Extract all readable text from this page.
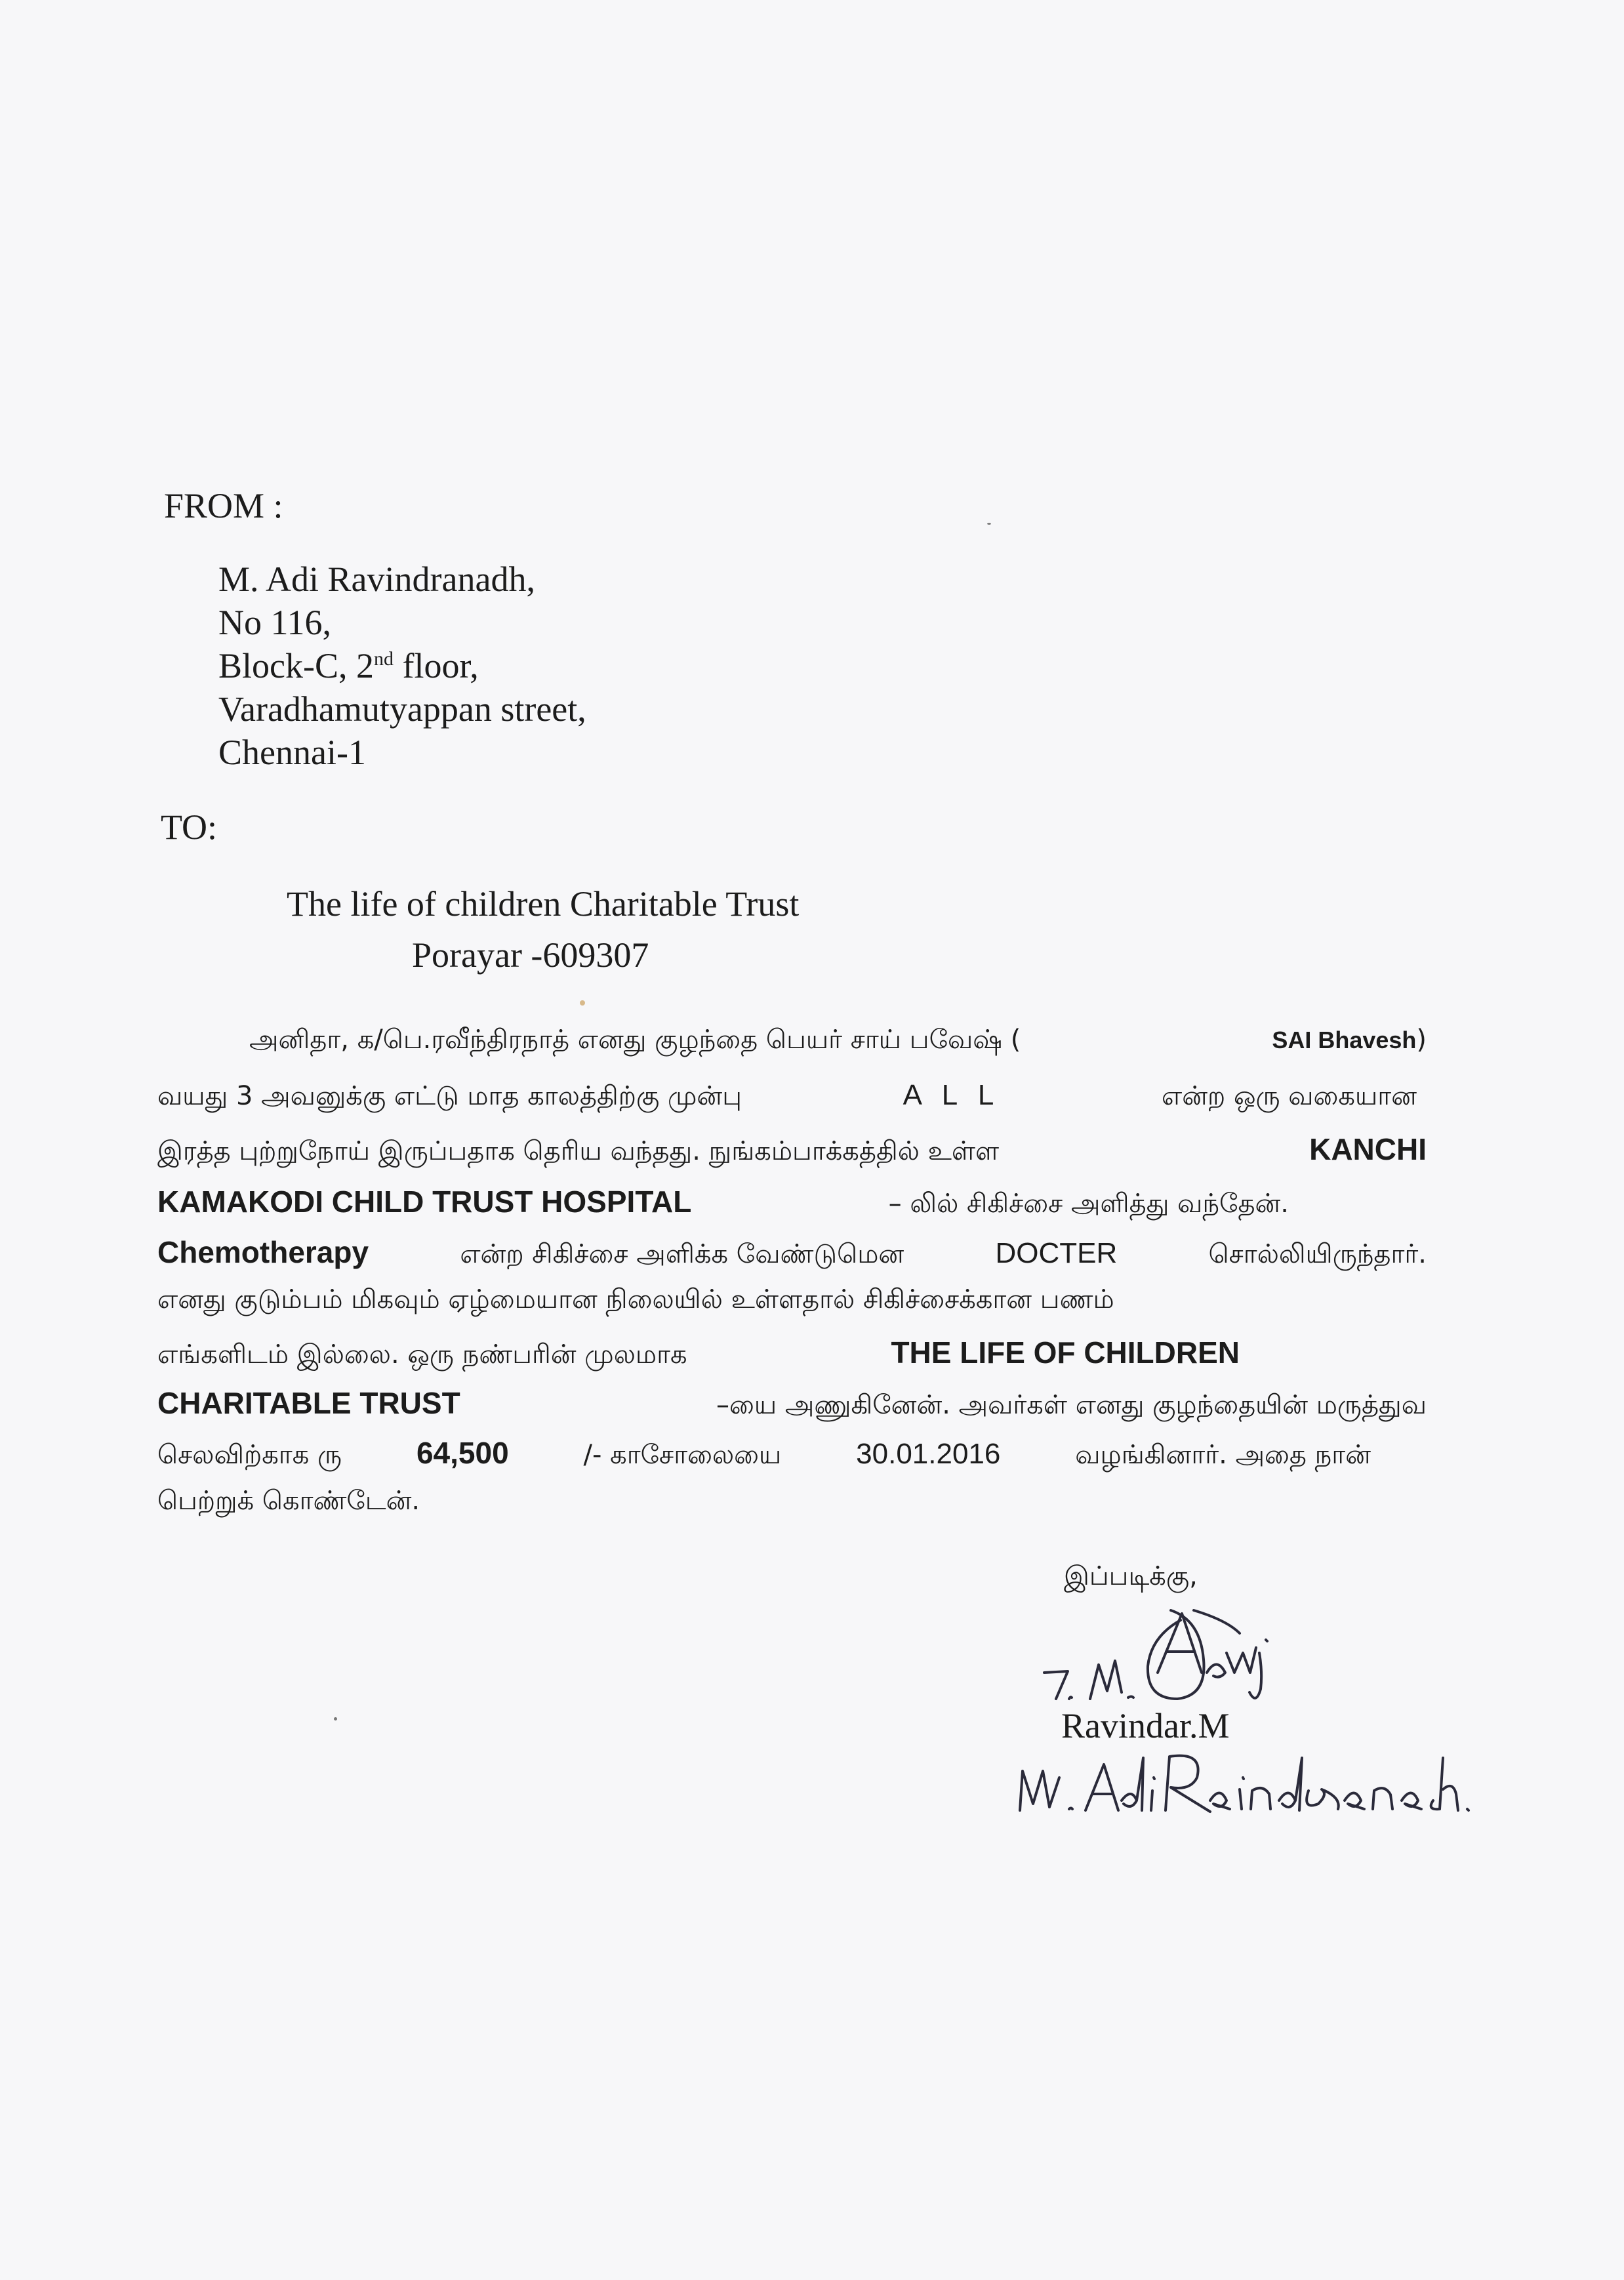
FROM :
M. Adi Ravindranadh,
No 116,
Block-C, 2nd floor,
Varadhamutyappan street,
Chennai-1
TO:
The life of children Charitable Trust
Porayar -609307
அனிதா, க/பெ.ரவீந்திரநாத் எனது குழந்தை பெயர் சாய் பவேஷ் (	SAI Bhavesh)
வயது 3 அவனுக்கு எட்டு மாத காலத்திற்கு முன்பு	A L L	என்ற ஒரு வகையான
இரத்த புற்றுநோய் இருப்பதாக தெரிய வந்தது. நுங்கம்பாக்கத்தில் உள்ள	KANCHI
KAMAKODI CHILD TRUST HOSPITAL	– லில் சிகிச்சை அளித்து வந்தேன்.
Chemotherapy	என்ற சிகிச்சை அளிக்க வேண்டுமென	DOCTER	சொல்லியிருந்தார்.
எனது குடும்பம் மிகவும் ஏழ்மையான நிலையில் உள்ளதால் சிகிச்சைக்கான பணம்
எங்களிடம் இல்லை. ஒரு நண்பரின் முலமாக	THE LIFE OF CHILDREN
CHARITABLE TRUST	–யை அணுகினேன். அவர்கள் எனது குழந்தையின் மருத்துவ
செலவிற்காக ரு 64,500	/- காசோலையை	30.01.2016	வழங்கினார். அதை நான்
பெற்றுக் கொண்டேன்.
இப்படிக்கு,
Ravindar.M
